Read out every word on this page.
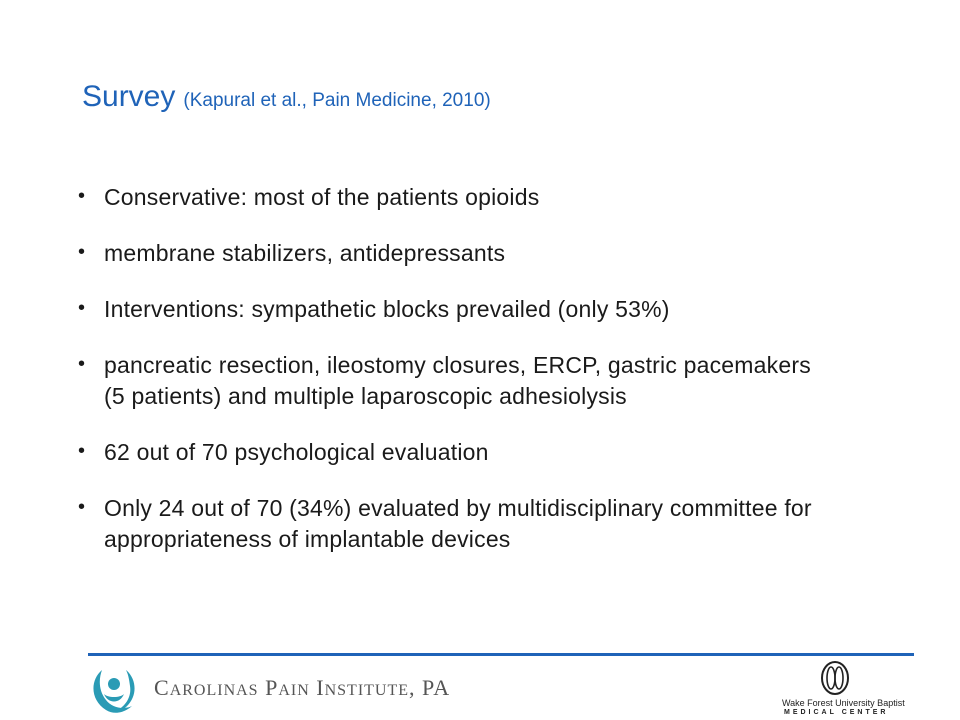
Survey (Kapural et al., Pain Medicine, 2010)
• Conservative: most of the patients opioids
• membrane stabilizers, antidepressants
• Interventions: sympathetic blocks prevailed (only 53%)
• pancreatic resection, ileostomy closures, ERCP, gastric pacemakers (5 patients) and multiple laparoscopic adhesiolysis
• 62 out of 70 psychological evaluation
• Only 24 out of 70 (34%) evaluated by multidisciplinary committee for appropriateness of implantable devices
CAROLINAS PAIN INSTITUTE, PA
Wake Forest University Baptist
MEDICAL CENTER
